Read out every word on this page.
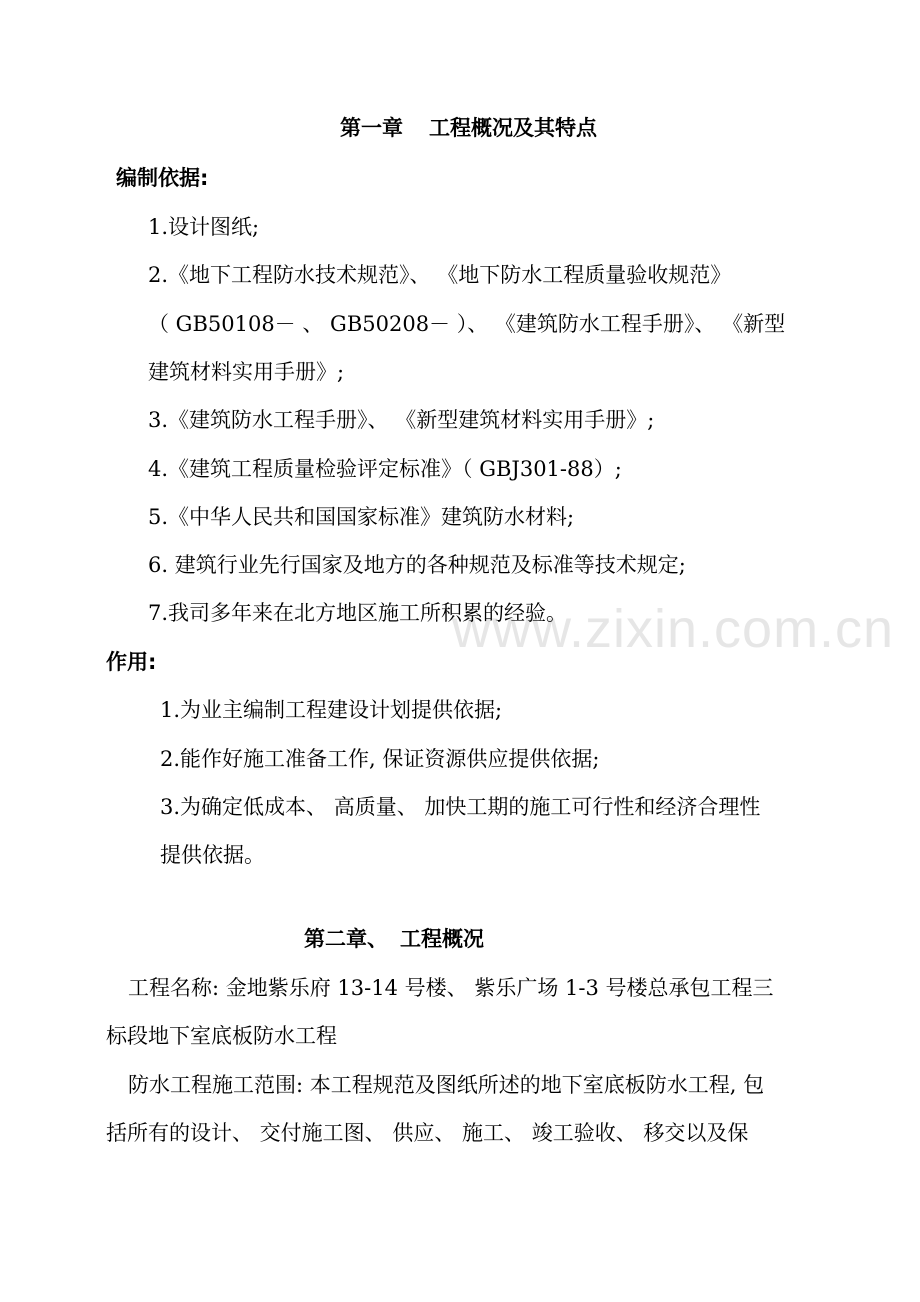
www.zixin.com.cn
第一章 工程概况及其特点
编制依据:
1.设计图纸;
2.《地下工程防水技术规范》、 《地下防水工程质量验收规范》
（ GB50108－ 、 GB50208－ ）、 《建筑防水工程手册》、 《新型
建筑材料实用手册》;
3.《建筑防水工程手册》、 《新型建筑材料实用手册》;
4.《建筑工程质量检验评定标准》（ GBJ301-88）;
5.《中华人民共和国国家标准》建筑防水材料;
6. 建筑行业先行国家及地方的各种规范及标准等技术规定;
7.我司多年来在北方地区施工所积累的经验。
作用:
1.为业主编制工程建设计划提供依据;
2.能作好施工准备工作, 保证资源供应提供依据;
3.为确定低成本、 高质量、 加快工期的施工可行性和经济合理性
提供依据。
第二章、 工程概况
工程名称: 金地紫乐府 13-14 号楼、 紫乐广场 1-3 号楼总承包工程三
标段地下室底板防水工程
防水工程施工范围: 本工程规范及图纸所述的地下室底板防水工程, 包
括所有的设计、 交付施工图、 供应、 施工、 竣工验收、 移交以及保
